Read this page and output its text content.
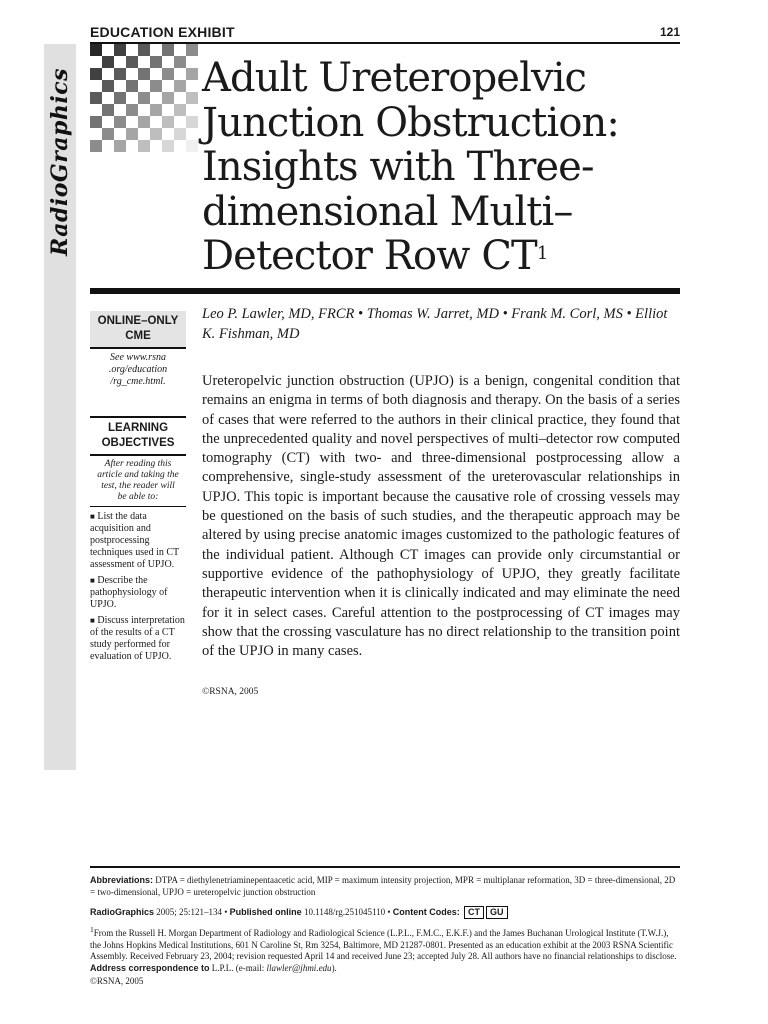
EDUCATION EXHIBIT	121
RadioGraphics	Adult Ureteropelvic Junction Obstruction: Insights with Three-dimensional Multi–Detector Row $CT^1$
Leo P. Lawler, MD, FRCR • Thomas W. Jarret, MD • Frank M. Corl, MS • Elliot K. Fishman, MD
ONLINE–ONLY CME
See www.rsna .org/education /rg_cme.html.
LEARNING OBJECTIVES
After reading this article and taking the test, the reader will be able to:
■ List the data acquisition and postprocessing techniques used in CT assessment of UPJO.
■ Describe the pathophysiology of UPJO.
■ Discuss interpretation of the results of a CT study performed for evaluation of UPJO.

Ureteropelvic junction obstruction (UPJO) is a benign, congenital condition that remains an enigma in terms of both diagnosis and therapy. On the basis of a series of cases that were referred to the authors in their clinical practice, they found that the unprecedented quality and novel perspectives of multi–detector row computed tomography (CT) with two- and three-dimensional postprocessing allow a comprehensive, single-study assessment of the ureterovascular relationships in UPJO. This topic is important because the causative role of crossing vessels may be questioned on the basis of such studies, and the therapeutic approach may be altered by using precise anatomic images customized to the pathologic features of the individual patient. Although CT images can provide only circumstantial or supportive evidence of the pathophysiology of UPJO, they greatly facilitate therapeutic intervention when it is clinically indicated and may eliminate the need for it in select cases. Careful attention to the postprocessing of CT images may show that the crossing vasculature has no direct relationship to the transition point of the UPJO in many cases.

©RSNA, 2005
Abbreviations: DTPA = diethylenetriaminepentaacetic acid, MIP = maximum intensity projection, MPR = multiplanar reformation, 3D = three-dimensional, 2D = two-dimensional, UPJO = ureteropelvic junction obstruction
RadioGraphics 2005; 25:121–134 • Published online 10.1148/rg.251045110 • Content Codes: CT GU
$^1$From the Russell H. Morgan Department of Radiology and Radiological Science (L.P.L., F.M.C., E.K.F.) and the James Buchanan Urological Institute (T.W.J.), the Johns Hopkins Medical Institutions, 601 N Caroline St, Rm 3254, Baltimore, MD 21287-0801. Presented as an education exhibit at the 2003 RSNA Scientific Assembly. Received February 23, 2004; revision requested April 14 and received June 23; accepted July 28. All authors have no financial relationships to disclose. Address correspondence to L.P.L. (e-mail: llawler@jhmi.edu).
©RSNA, 2005
